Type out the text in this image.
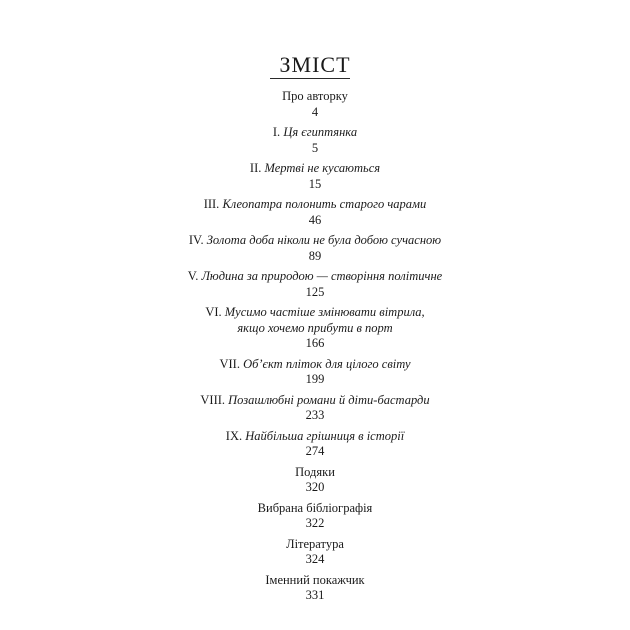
ЗМІСТ
Про авторку
4
I. Ця єгиптянка
5
II. Мертві не кусаються
15
III. Клеопатра полонить старого чарами
46
IV. Золота доба ніколи не була добою сучасною
89
V. Людина за природою — створіння політичне
125
VI. Мусимо частіше змінювати вітрила,
якщо хочемо прибути в порт
166
VII. Об’єкт пліток для цілого світу
199
VIII. Позашлюбні романи й діти-бастарди
233
IX. Найбільша грішниця в історії
274
Подяки
320
Вибрана бібліографія
322
Література
324
Іменний покажчик
331
